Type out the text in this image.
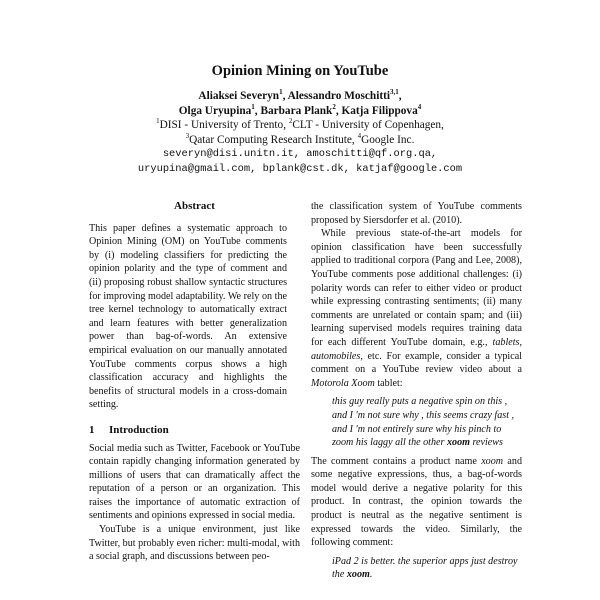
Opinion Mining on YouTube
Aliaksei Severyn$^1$, Alessandro Moschitti$^{3,1}$,
Olga Uryupina$^1$, Barbara Plank$^2$, Katja Filippova$^4$
$^1$DISI - University of Trento, $^2$CLT - University of Copenhagen,
$^3$Qatar Computing Research Institute, $^4$Google Inc.
severyn@disi.unitn.it, amoschitti@qf.org.qa,
uryupina@gmail.com, bplank@cst.dk, katjaf@google.com
Abstract

This paper defines a systematic approach to Opinion Mining (OM) on YouTube comments by (i) modeling classifiers for predicting the opinion polarity and the type of comment and (ii) proposing robust shallow syntactic structures for improving model adaptability. We rely on the tree kernel technology to automatically extract and learn features with better generalization power than bag-of-words. An extensive empirical evaluation on our manually annotated YouTube comments corpus shows a high classification accuracy and highlights the benefits of structural models in a cross-domain setting.

1 Introduction

Social media such as Twitter, Facebook or YouTube contain rapidly changing information generated by millions of users that can dramatically affect the reputation of a person or an organization. This raises the importance of automatic extraction of sentiments and opinions expressed in social media.

YouTube is a unique environment, just like Twitter, but probably even richer: multi-modal, with a social graph, and discussions between peo-

the classification system of YouTube comments proposed by Siersdorfer et al. (2010).

While previous state-of-the-art models for opinion classification have been successfully applied to traditional corpora (Pang and Lee, 2008), YouTube comments pose additional challenges: (i) polarity words can refer to either video or product while expressing contrasting sentiments; (ii) many comments are unrelated or contain spam; and (iii) learning supervised models requires training data for each different YouTube domain, e.g., tablets, automobiles, etc. For example, consider a typical comment on a YouTube review video about a Motorola Xoom tablet:

this guy really puts a negative spin on this , and I 'm not sure why , this seems crazy fast , and I 'm not entirely sure why his pinch to zoom his laggy all the other xoom reviews

The comment contains a product name xoom and some negative expressions, thus, a bag-of-words model would derive a negative polarity for this product. In contrast, the opinion towards the product is neutral as the negative sentiment is expressed towards the video. Similarly, the following comment:

iPad 2 is better. the superior apps just destroy the xoom.
